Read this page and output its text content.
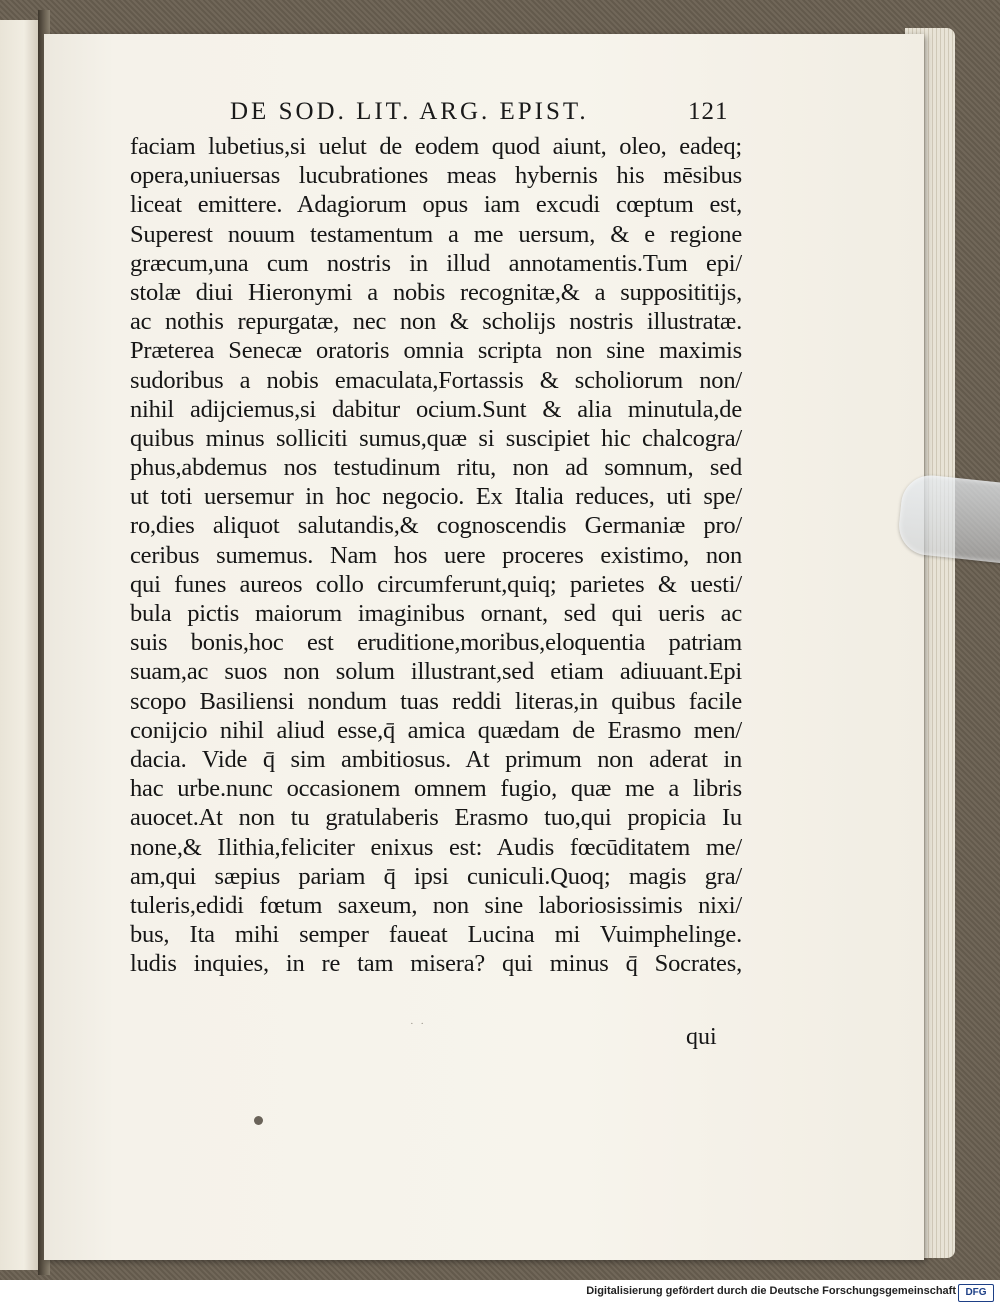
DE SOD. LIT. ARG. EPIST.	121
faciam lubetius,si uelut de eodem quod aiunt, oleo, eadeq;
opera,uniuersas lucubrationes meas hybernis his mēsibus
liceat emittere. Adagiorum opus iam excudi cœptum est,
Superest nouum testamentum a me uersum, & e regione
græcum,una cum nostris in illud annotamentis.Tum epi/
stolæ diui Hieronymi a nobis recognitæ,& a suppositit​ijs,
ac nothis repurgatæ, nec non & scholijs nostris illustratæ.
Præterea Senecæ oratoris omnia scripta non sine maximis
sudoribus a nobis emaculata,Fortassis & scholiorum non/
nihil adijciemus,si dabitur ocium.Sunt & alia minutula,de
quibus minus solliciti sumus,quæ si suscipiet hic chalcogra/
phus,abdemus nos testudinum ritu, non ad somnum, sed
ut toti uersemur in hoc negocio. Ex Italia reduces, uti spe/
ro,dies aliquot salutandis,& cognoscendis Germaniæ pro/
ceribus sumemus. Nam hos uere proceres existimo, non
qui funes aureos collo circumferunt,quiq; parietes & uesti/
bula pictis maiorum imaginibus ornant, sed qui ueris ac
suis bonis,hoc est eruditione,moribus,eloquentia patriam
suam,ac suos non solum illustrant,sed etiam adiuuant.Epi
scopo Basiliensi nondum tuas reddi literas,in quibus facile
conijcio nihil aliud esse,q̄ amica quædam de Erasmo men/
dacia. Vide q̄ sim ambitiosus. At primum non aderat in
hac urbe.nunc occasionem omnem fugio, quæ me a libris
auocet.At non tu gratulaberis Erasmo tuo,qui propicia Iu
none,& Ilithia,feliciter enixus est: Audis fœcūditatem me/
am,qui sæpius pariam q̄ ipsi cuniculi.Quoq; magis gra/
tuleris,edidi fœtum saxeum, non sine laboriosissimis nixi/
bus, Ita mihi semper faueat Lucina mi Vuimphelinge.
ludis inquies, in re tam misera? qui minus q̄ Socrates,
· ·	qui
Digitalisierung gefördert durch die Deutsche Forschungsgemeinschaft DFG
